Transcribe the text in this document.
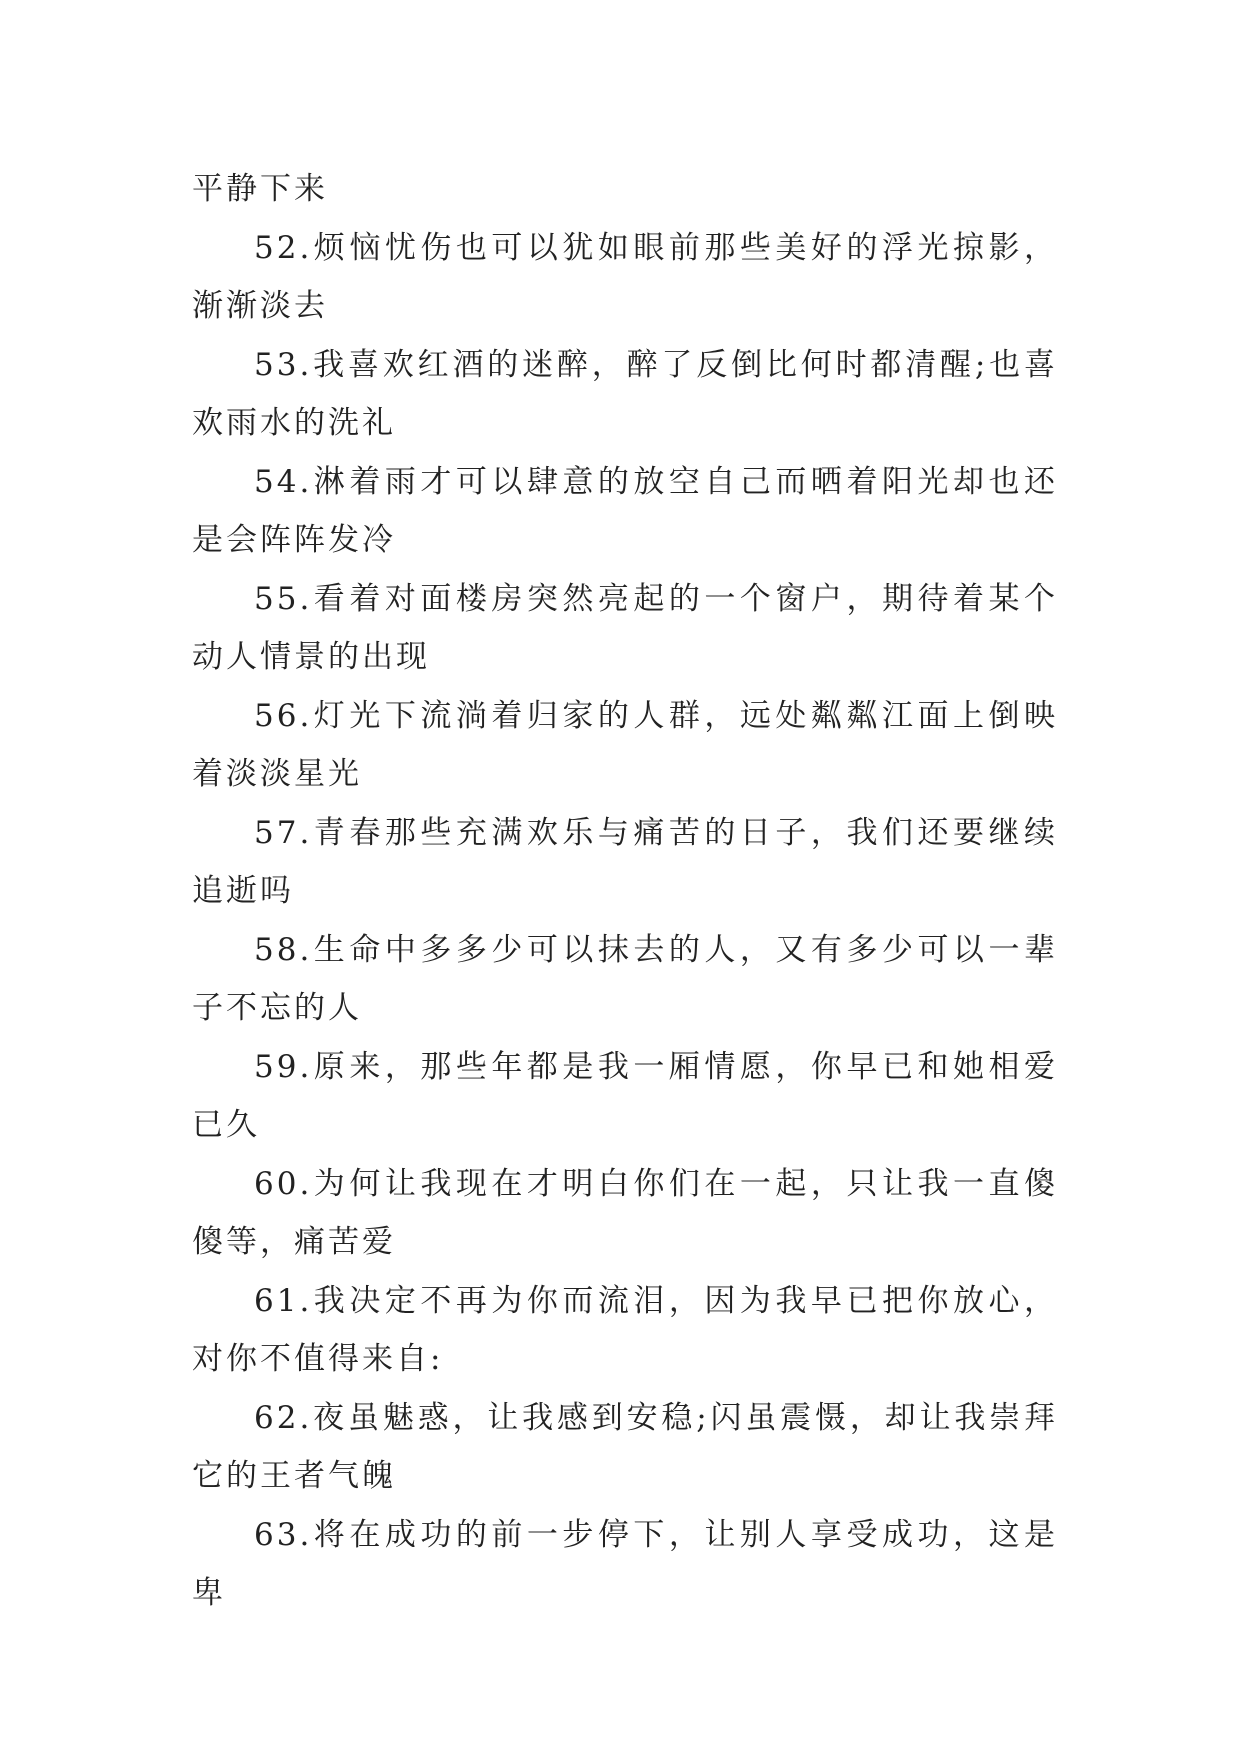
平静下来

52.烦恼忧伤也可以犹如眼前那些美好的浮光掠影，渐渐淡去

53.我喜欢红酒的迷醉，醉了反倒比何时都清醒;也喜欢雨水的洗礼

54.淋着雨才可以肆意的放空自己而晒着阳光却也还是会阵阵发冷

55.看着对面楼房突然亮起的一个窗户，期待着某个动人情景的出现

56.灯光下流淌着归家的人群，远处粼粼江面上倒映着淡淡星光

57.青春那些充满欢乐与痛苦的日子，我们还要继续追逝吗

58.生命中多多少可以抹去的人，又有多少可以一辈子不忘的人

59.原来，那些年都是我一厢情愿，你早已和她相爱已久

60.为何让我现在才明白你们在一起，只让我一直傻傻等，痛苦爱

61.我决定不再为你而流泪，因为我早已把你放心，对你不值得来自:

62.夜虽魅惑，让我感到安稳;闪虽震慑，却让我崇拜它的王者气魄

63.将在成功的前一步停下，让别人享受成功，这是卑
